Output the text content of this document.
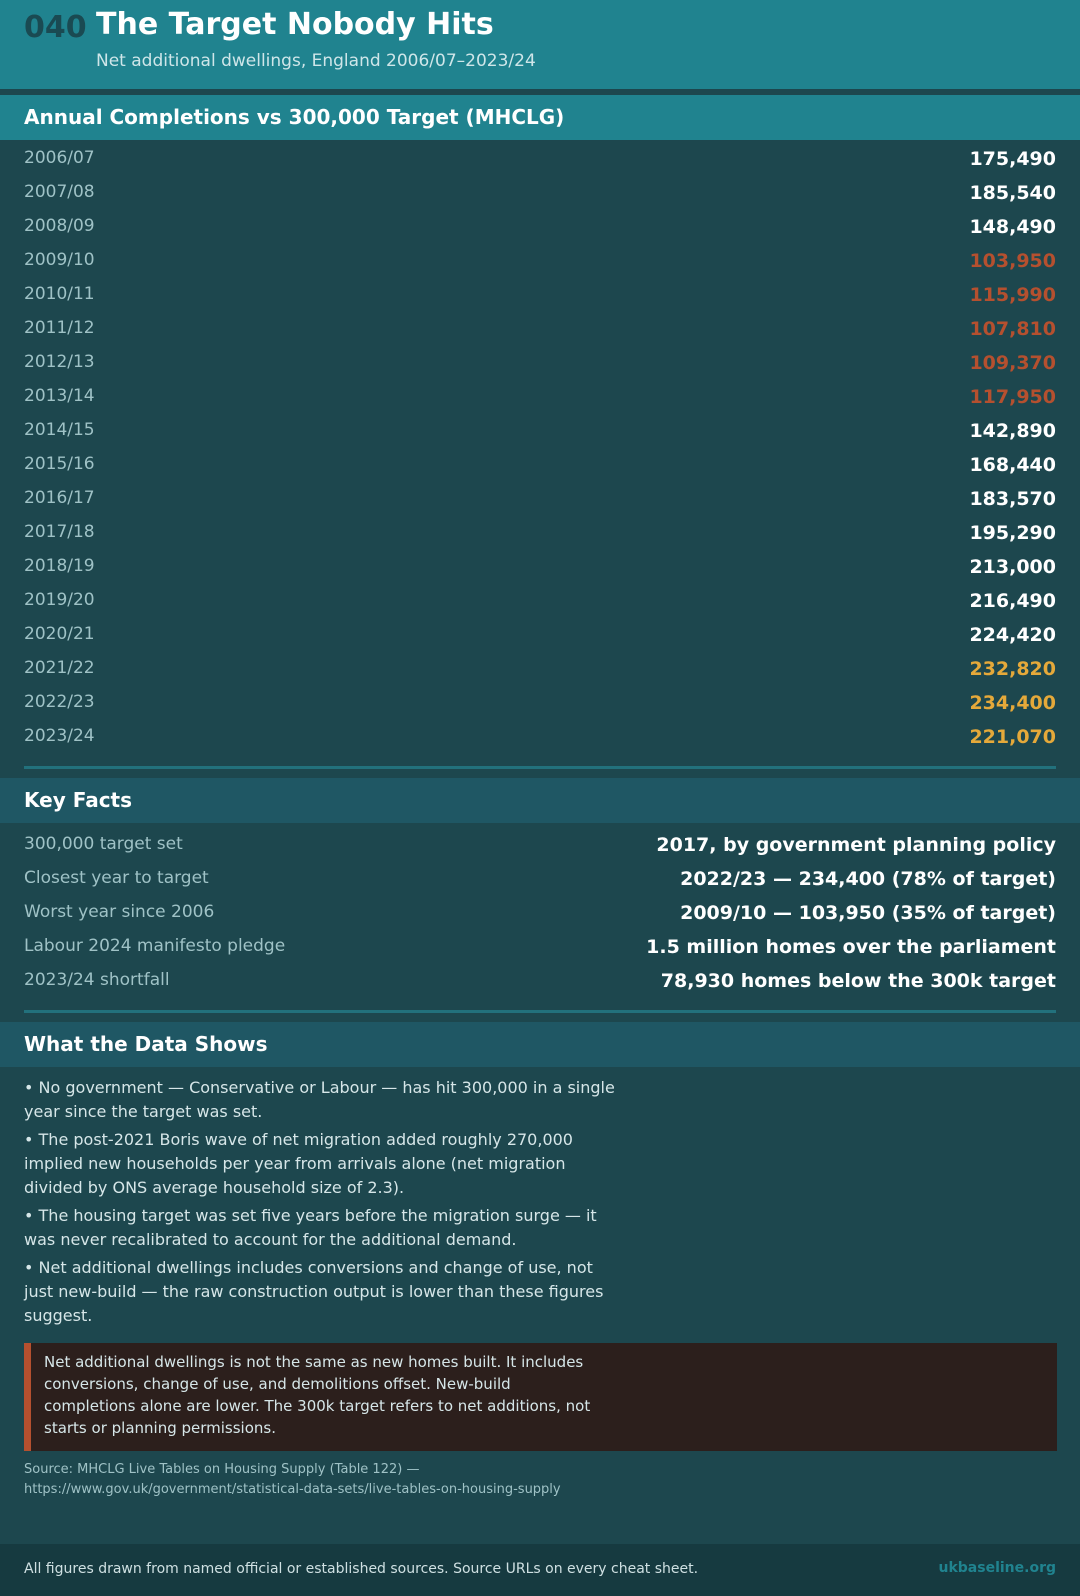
040 The Target Nobody Hits
Net additional dwellings, England 2006/07–2023/24
Annual Completions vs 300,000 Target (MHCLG)
2006/07	175,490
2007/08	185,540
2008/09	148,490
2009/10	103,950
2010/11	115,990
2011/12	107,810
2012/13	109,370
2013/14	117,950
2014/15	142,890
2015/16	168,440
2016/17	183,570
2017/18	195,290
2018/19	213,000
2019/20	216,490
2020/21	224,420
2021/22	232,820
2022/23	234,400
2023/24	221,070
Key Facts
300,000 target set	2017, by government planning policy
Closest year to target	2022/23 — 234,400 (78% of target)
Worst year since 2006	2009/10 — 103,950 (35% of target)
Labour 2024 manifesto pledge	1.5 million homes over the parliament
2023/24 shortfall	78,930 homes below the 300k target
What the Data Shows
• No government — Conservative or Labour — has hit 300,000 in a single year since the target was set.
• The post-2021 Boris wave of net migration added roughly 270,000 implied new households per year from arrivals alone (net migration divided by ONS average household size of 2.3).
• The housing target was set five years before the migration surge — it was never recalibrated to account for the additional demand.
• Net additional dwellings includes conversions and change of use, not just new-build — the raw construction output is lower than these figures suggest.
Net additional dwellings is not the same as new homes built. It includes conversions, change of use, and demolitions offset. New-build completions alone are lower. The 300k target refers to net additions, not starts or planning permissions.
Source: MHCLG Live Tables on Housing Supply (Table 122) — https://www.gov.uk/government/statistical-data-sets/live-tables-on-housing-supply
All figures drawn from named official or established sources. Source URLs on every cheat sheet.	ukbaseline.org
